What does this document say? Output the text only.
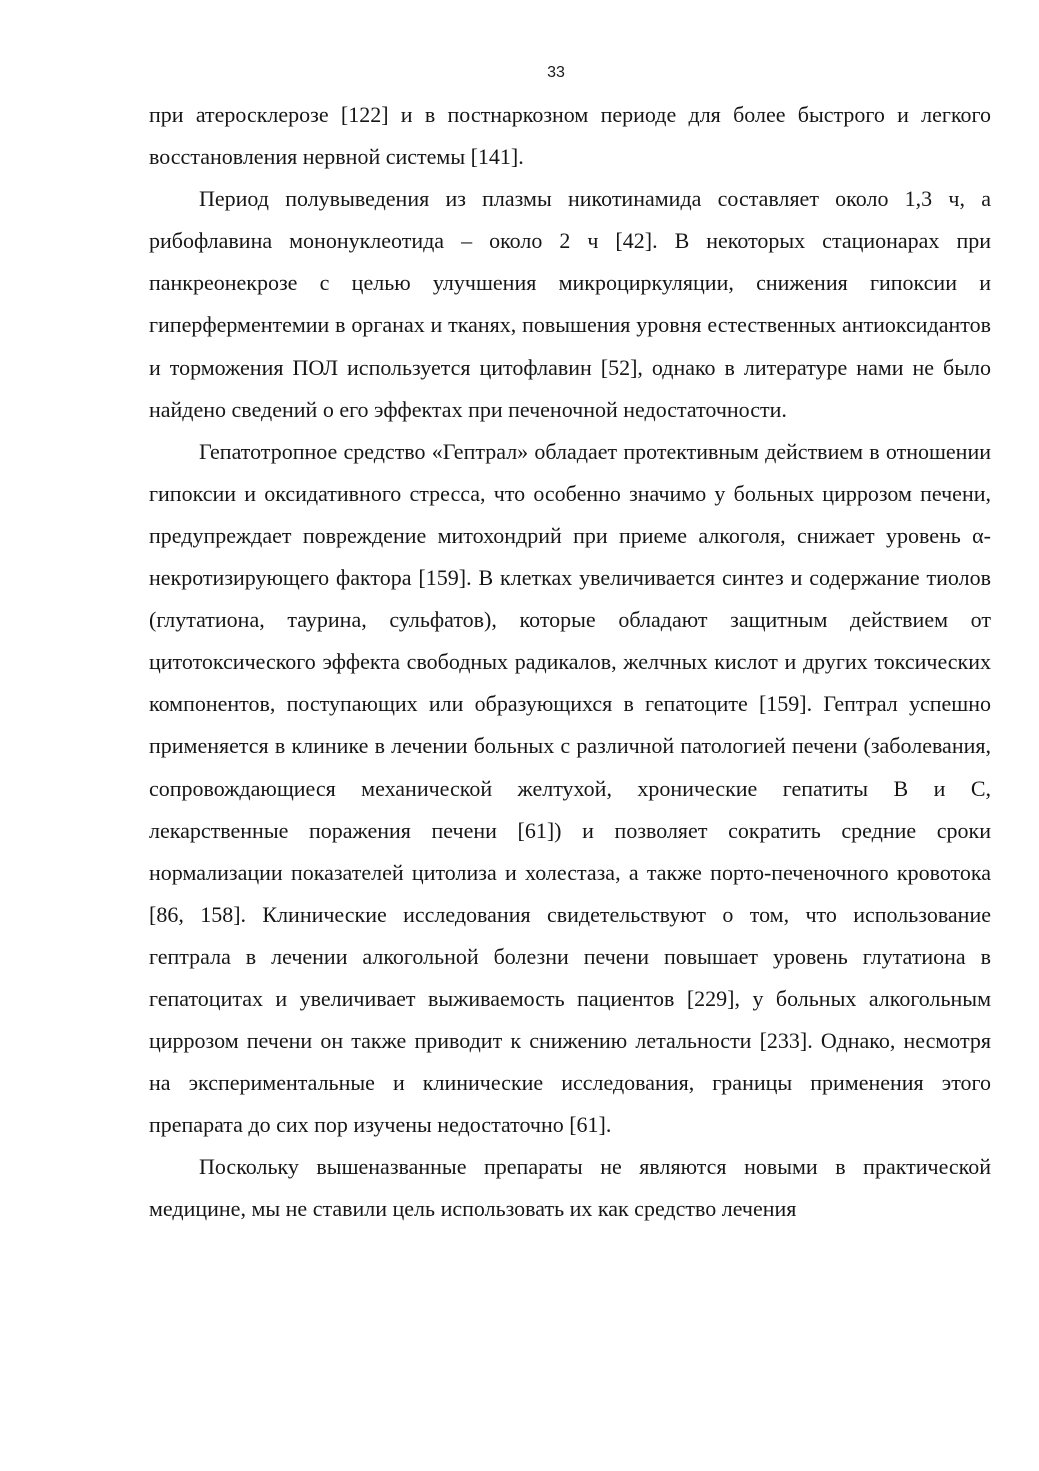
33

при атеросклерозе [122] и в постнаркозном периоде для более быстрого и легкого восстановления нервной системы [141].

Период полувыведения из плазмы никотинамида составляет около 1,3 ч, а рибофлавина мононуклеотида – около 2 ч [42]. В некоторых стационарах при панкреонекрозе с целью улучшения микроциркуляции, снижения гипоксии и гиперферментемии в органах и тканях, повышения уровня естественных антиоксидантов и торможения ПОЛ используется цитофлавин [52], однако в литературе нами не было найдено сведений о его эффектах при печеночной недостаточности.

Гепатотропное средство «Гептрал» обладает протективным действием в отношении гипоксии и оксидативного стресса, что особенно значимо у больных циррозом печени, предупреждает повреждение митохондрий при приеме алкоголя, снижает уровень α-некротизирующего фактора [159]. В клетках увеличивается синтез и содержание тиолов (глутатиона, таурина, сульфатов), которые обладают защитным действием от цитотоксического эффекта свободных радикалов, желчных кислот и других токсических компонентов, поступающих или образующихся в гепатоците [159]. Гептрал успешно применяется в клинике в лечении больных с различной патологией печени (заболевания, сопровождающиеся механической желтухой, хронические гепатиты В и С, лекарственные поражения печени [61]) и позволяет сократить средние сроки нормализации показателей цитолиза и холестаза, а также порто-печеночного кровотока [86, 158]. Клинические исследования свидетельствуют о том, что использование гептрала в лечении алкогольной болезни печени повышает уровень глутатиона в гепатоцитах и увеличивает выживаемость пациентов [229], у больных алкогольным циррозом печени он также приводит к снижению летальности [233]. Однако, несмотря на экспериментальные и клинические исследования, границы применения этого препарата до сих пор изучены недостаточно [61].

Поскольку вышеназванные препараты не являются новыми в практической медицине, мы не ставили цель использовать их как средство лечения
